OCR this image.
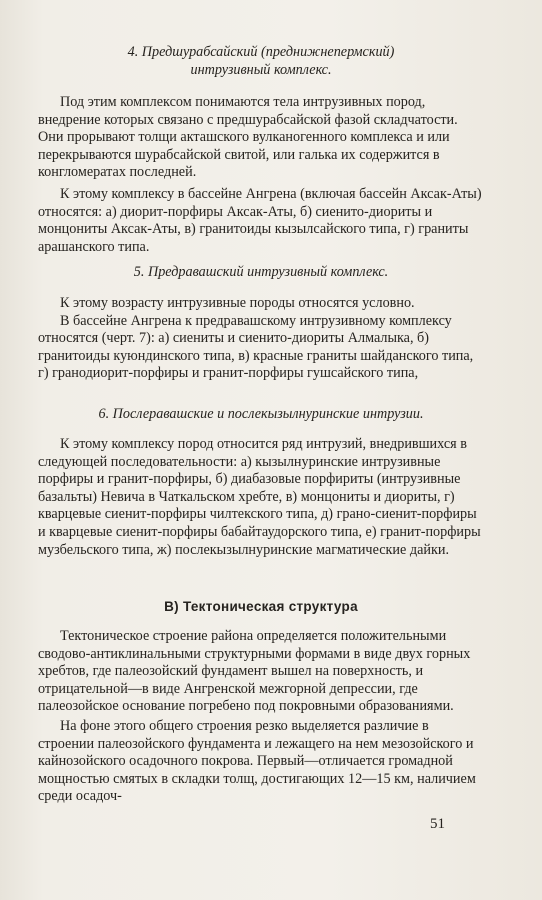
4. Предшурабсайский (преднижнепермский)
интрузивный комплекс.

Под этим комплексом понимаются тела интрузивных пород, внедрение которых связано с предшурабсайской фазой складчатости. Они прорывают толщи акташского вулканогенного комплекса и или перекрываются шурабсайской свитой, или галька их содержится в конгломератах последней.

К этому комплексу в бассейне Ангрена (включая бассейн Аксак-Аты) относятся: а) диорит-порфиры Аксак-Аты, б) сиенито-диориты и монцониты Аксак-Аты, в) гранитоиды кызылсайского типа, г) граниты арашанского типа.

5. Предравашский интрузивный комплекс.

К этому возрасту интрузивные породы относятся условно.

В бассейне Ангрена к предравашскому интрузивному комплексу относятся (черт. 7): а) сиениты и сиенито-диориты Алмалыка, б) гранитоиды куюндинского типа, в) красные граниты шайданского типа, г) гранодиорит-порфиры и гранит-порфиры гушсайского типа,

6. Послеравашские и послекызылнуринские интрузии.

К этому комплексу пород относится ряд интрузий, внедрившихся в следующей последовательности: а) кызылнуринские интрузивные порфиры и гранит-порфиры, б) диабазовые порфириты (интрузивные базальты) Невича в Чаткальском хребте, в) монцониты и диориты, г) кварцевые сиенит-порфиры чилтекского типа, д) грано-сиенит-порфиры и кварцевые сиенит-порфиры бабайтаудорского типа, е) гранит-порфиры музбельского типа, ж) послекызылнуринские магматические дайки.

В) Тектоническая структура

Тектоническое строение района определяется положительными сводово-антиклинальными структурными формами в виде двух горных хребтов, где палеозойский фундамент вышел на поверхность, и отрицательной—в виде Ангренской межгорной депрессии, где палеозойское основание погребено под покровными образованиями.

На фоне этого общего строения резко выделяется различие в строении палеозойского фундамента и лежащего на нем мезозойского и кайнозойского осадочного покрова. Первый—отличается громадной мощностью смятых в складки толщ, достигающих 12—15 км, наличием среди осадоч-

51
